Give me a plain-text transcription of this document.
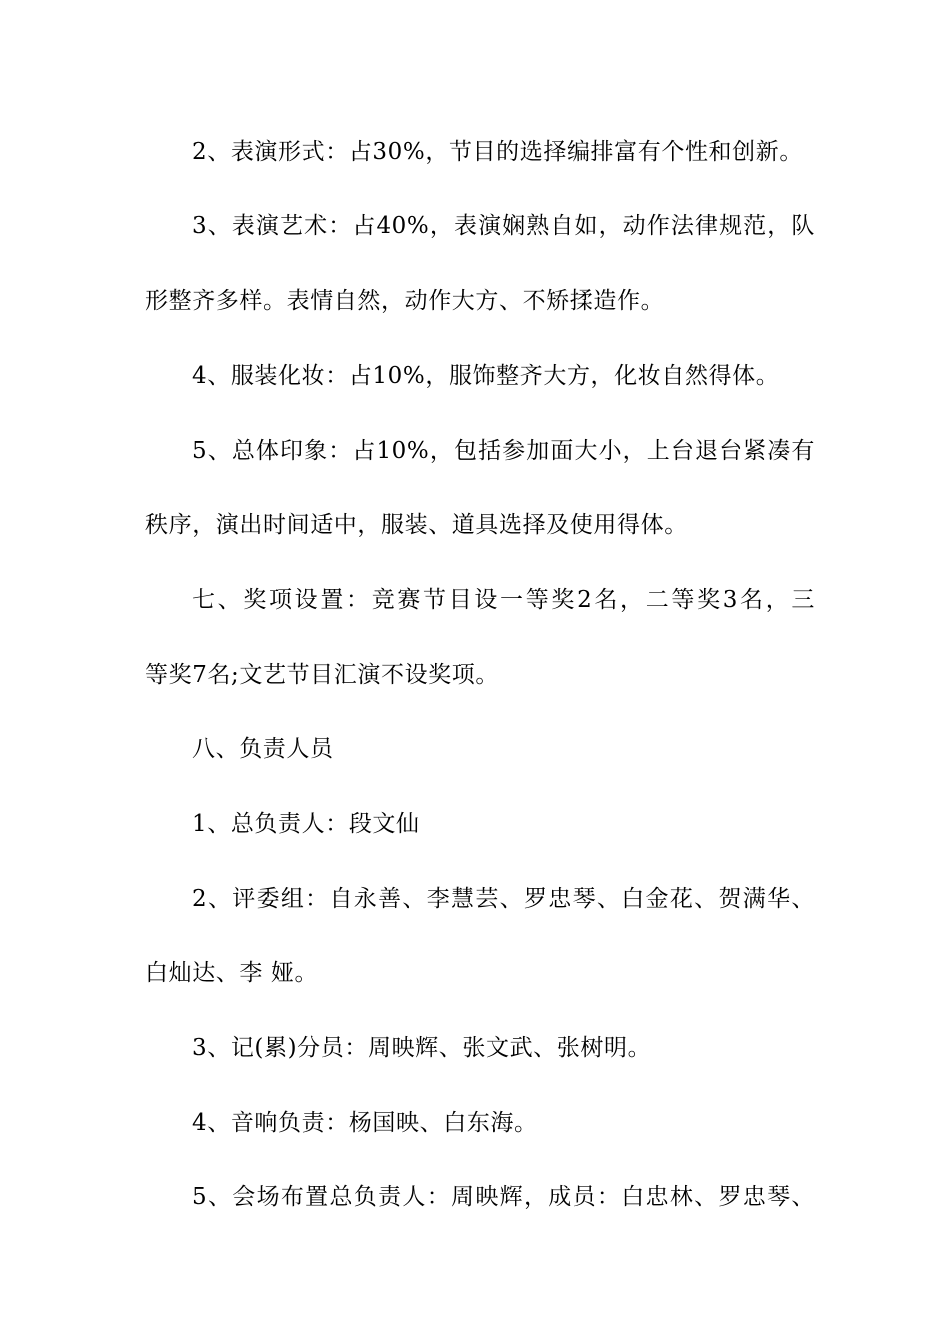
2、表演形式：占30%，节目的选择编排富有个性和创新。
3、表演艺术：占40%，表演娴熟自如，动作法律规范，队
形整齐多样。表情自然，动作大方、不矫揉造作。
4、服装化妆：占10%，服饰整齐大方，化妆自然得体。
5、总体印象：占10%，包括参加面大小，上台退台紧凑有
秩序，演出时间适中，服装、道具选择及使用得体。
七、奖项设置：竞赛节目设一等奖2名，二等奖3名，三
等奖7名;文艺节目汇演不设奖项。
八、负责人员
1、总负责人：段文仙
2、评委组：自永善、李慧芸、罗忠琴、白金花、贺满华、
白灿达、李 娅。
3、记(累)分员：周映辉、张文武、张树明。
4、音响负责：杨国映、白东海。
5、会场布置总负责人：周映辉，成员：白忠林、罗忠琴、
